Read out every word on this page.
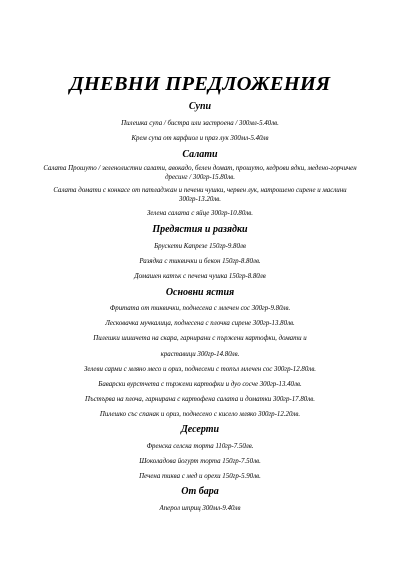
ДНЕВНИ ПРЕДЛОЖЕНИЯ
Супи
Пилешка супа / бистра или застроена / 300мл-5.40лв.
Крем супа от карфиол и праз лук 300мл-5.40лв
Салати
Салата Прошуто / зеленолистни салати, авокадо, белен домат, прошуто, кедрови ядки, медено-горчичен дресинг / 300гр-15.80лв.
Салата домати с конкасе от патладжан и печени чушки, червен лук, натрошено сирене и маслини 300гр-13.20лв.
Зелена салата с яйце 300гр-10.80лв.
Предястия и разядки
Брускети Капрезе 150гр-9.80лв
Разядка с тиквички и бекон 150гр-8.80лв.
Домашен катък с печена чушка 150гр-8.80лв
Основни ястия
Фритата от тиквички, поднесена с млечен сос 300гр-9.80лв.
Лесковачка мучкалица, поднесена с плочка сирене 300гр-13.80лв.
Пилешки шишчета на скара, гарнирани с пържени картофки, домати и
краставици 300гр-14.80лв.
Зелеви сарми с мляно месо и ориз, поднесени с топъл млечен сос 300гр-12.80лв.
Баварски вурстчета с пържени картофки и дуо сосче 300гр-13.40лв.
Пъстърва на плоча, гарнирана с картофена салата и доматки 300гр-17.80лв.
Пилешко със спанак и ориз, поднесено с кисело мляко 300гр-12.20лв.
Десерти
Френска селска торта 110гр-7.50лв.
Шоколадова йогурт торта 150гр-7.50лв.
Печена тиква с мед и орехи 150гр-5.90лв.
От бара
Аперол шприц 300мл-9.40лв
